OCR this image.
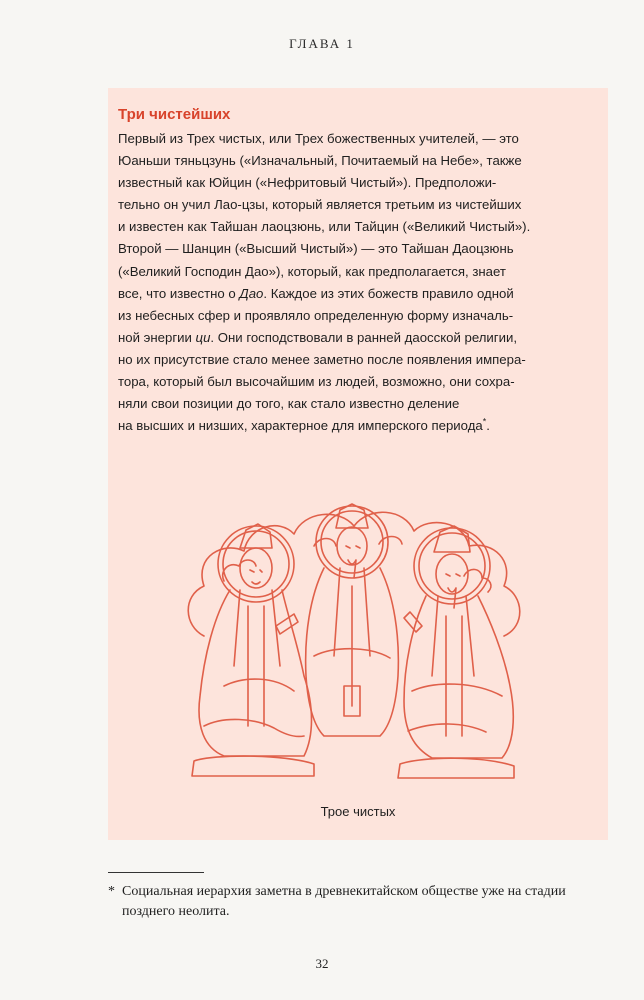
ГЛАВА 1
Три чистейших
Первый из Трех чистых, или Трех божественных учителей, — это
Юаньши тяньцзунь («Изначальный, Почитаемый на Небе», также
известный как Юйцин («Нефритовый Чистый»). Предположи-
тельно он учил Лао-цзы, который является третьим из чистейших
и известен как Тайшан лаоцзюнь, или Тайцин («Великий Чистый»).
Второй — Шанцин («Высший Чистый») — это Тайшан Даоцзюнь
(«Великий Господин Дао»), который, как предполагается, знает
все, что известно о Дао. Каждое из этих божеств правило одной
из небесных сфер и проявляло определенную форму изначаль-
ной энергии ци. Они господствовали в ранней даосской религии,
но их присутствие стало менее заметно после появления импера-
тора, который был высочайшим из людей, возможно, они сохра-
няли свои позиции до того, как стало известно деление
на высших и низших, характерное для имперского периода*.
Трое чистых
* Социальная иерархия заметна в древнекитайском обществе уже на стадии
позднего неолита.
32
